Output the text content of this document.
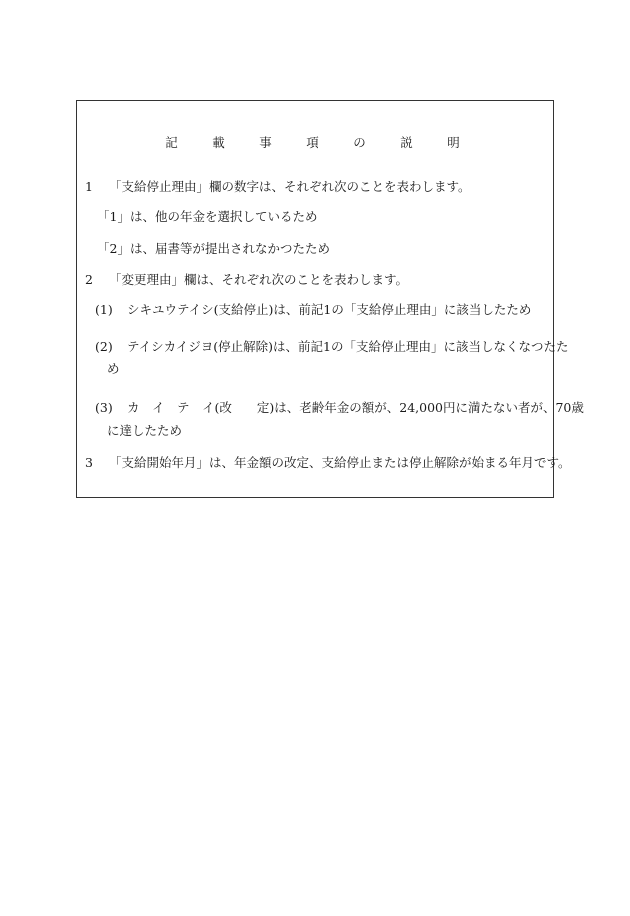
記　載　事　項　の　説　明
1 「支給停止理由」欄の数字は、それぞれ次のことを表わします。
「1」は、他の年金を選択しているため
「2」は、届書等が提出されなかつたため
2 「変更理由」欄は、それぞれ次のことを表わします。
(1) シキユウテイシ(支給停止)は、前記1の「支給停止理由」に該当したため
(2) テイシカイジヨ(停止解除)は、前記1の「支給停止理由」に該当しなくなつたた
め
(3) カ　イ　テ　イ(改　　定)は、老齢年金の額が、24,000円に満たない者が、70歳
に達したため
3 「支給開始年月」は、年金額の改定、支給停止または停止解除が始まる年月です。
